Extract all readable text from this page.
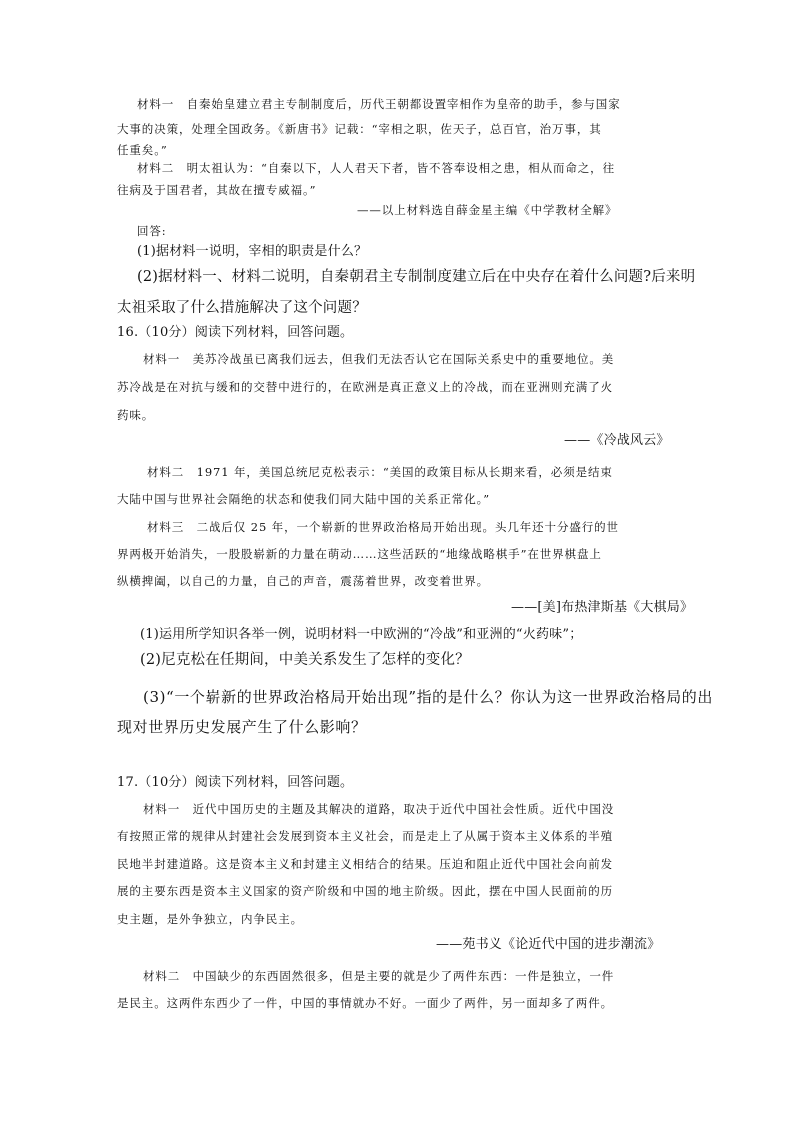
材料一　自秦始皇建立君主专制制度后，历代王朝都设置宰相作为皇帝的助手，参与国家
大事的决策，处理全国政务。《新唐书》记载：“宰相之职，佐天子，总百官，治万事，其
任重矣。”
材料二　明太祖认为：“自秦以下，人人君天下者，皆不答奉设相之患，相从而命之，往
往病及于国君者，其故在擅专威福。”
——以上材料选自薛金星主编《中学教材全解》
回答:
(1)据材料一说明，宰相的职责是什么？
(2)据材料一、材料二说明，自秦朝君主专制制度建立后在中央存在着什么问题?后来明
太祖采取了什么措施解决了这个问题？
16.（10分）阅读下列材料，回答问题。
材料一　美苏冷战虽已离我们远去，但我们无法否认它在国际关系史中的重要地位。美
苏冷战是在对抗与缓和的交替中进行的，在欧洲是真正意义上的冷战，而在亚洲则充满了火
药味。
——《冷战风云》
材料二　1971 年，美国总统尼克松表示：“美国的政策目标从长期来看，必须是结束
大陆中国与世界社会隔绝的状态和使我们同大陆中国的关系正常化。”
材料三　二战后仅 25 年，一个崭新的世界政治格局开始出现。头几年还十分盛行的世
界两极开始消失，一股股崭新的力量在萌动……这些活跃的“地缘战略棋手”在世界棋盘上
纵横捭阖，以自己的力量，自己的声音，震荡着世界，改变着世界。
——[美]布热津斯基《大棋局》
(1)运用所学知识各举一例，说明材料一中欧洲的“冷战”和亚洲的“火药味”；
(2)尼克松在任期间，中美关系发生了怎样的变化？
(3)“一个崭新的世界政治格局开始出现”指的是什么？你认为这一世界政治格局的出
现对世界历史发展产生了什么影响？
17.（10分）阅读下列材料，回答问题。
材料一　近代中国历史的主题及其解决的道路，取决于近代中国社会性质。近代中国没
有按照正常的规律从封建社会发展到资本主义社会，而是走上了从属于资本主义体系的半殖
民地半封建道路。这是资本主义和封建主义相结合的结果。压迫和阻止近代中国社会向前发
展的主要东西是资本主义国家的资产阶级和中国的地主阶级。因此，摆在中国人民面前的历
史主题，是外争独立，内争民主。
——苑书义《论近代中国的进步潮流》
材料二　中国缺少的东西固然很多，但是主要的就是少了两件东西：一件是独立，一件
是民主。这两件东西少了一件，中国的事情就办不好。一面少了两件，另一面却多了两件。
